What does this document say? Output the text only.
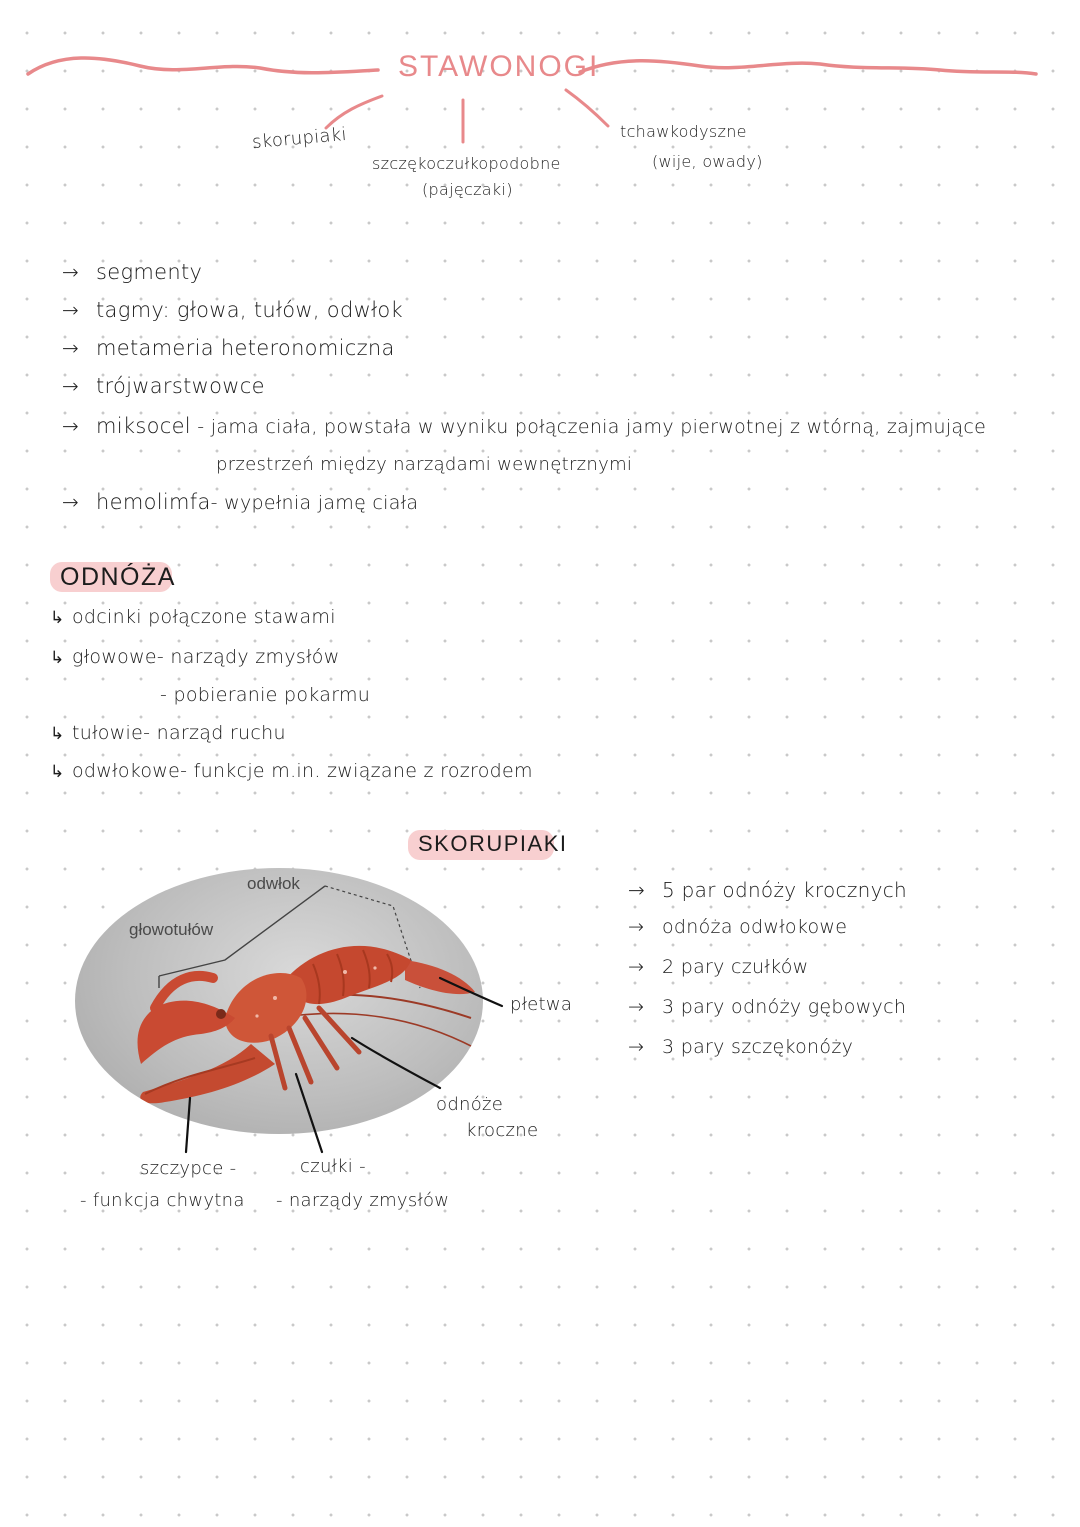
STAWONOGI
skorupiaki
szczękoczułkopodobne
(pajęczaki)
tchawkodyszne
(wije, owady)
→ segmenty
→ tagmy: głowa, tułów, odwłok
→ metameria heteronomiczna
→ trójwarstwowce
→ miksocel - jama ciała, powstała w wyniku połączenia jamy pierwotnej z wtórną, zajmujące
przestrzeń między narządami wewnętrznymi
→ hemolimfa- wypełnia jamę ciała
ODNÓŻA
↳ odcinki połączone stawami
↳ głowowe- narządy zmysłów
- pobieranie pokarmu
↳ tułowie- narząd ruchu
↳ odwłokowe- funkcje m.in. związane z rozrodem
SKORUPIAKI
odwłok
głowotułów
płetwa
odnóże
kroczne
szczypce -
- funkcja chwytna
czułki -
- narządy zmysłów
→ 5 par odnóży krocznych
→ odnóża odwłokowe
→ 2 pary czułków
→ 3 pary odnóży gębowych
→ 3 pary szczękonóży
